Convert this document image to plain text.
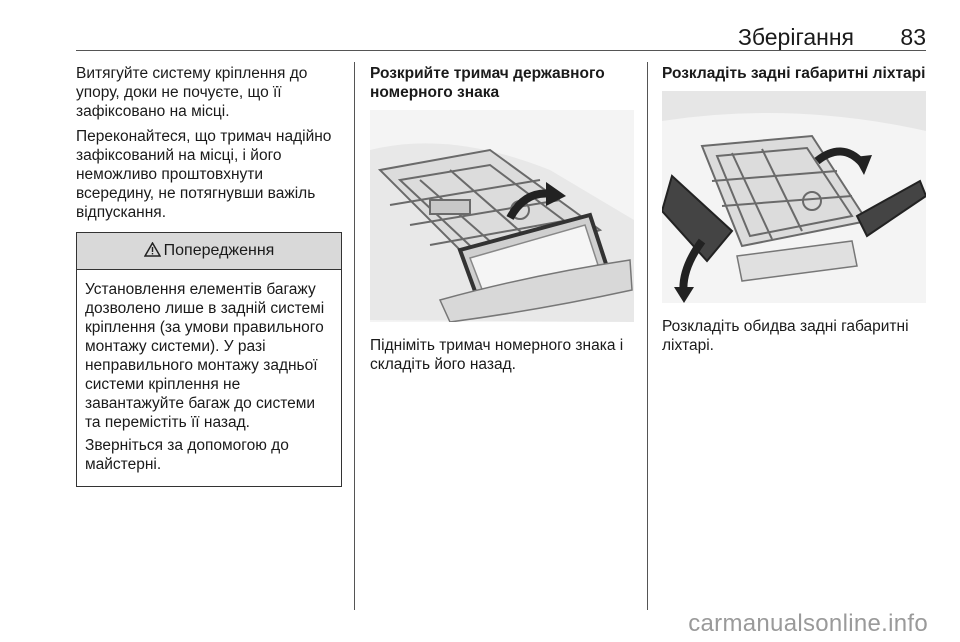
Зберігання 83

Витягуйте систему кріплення до упору, доки не почуєте, що її зафіксовано на місці.

Переконайтеся, що тримач надійно зафіксований на місці, і його неможливо проштовхнути всередину, не потягнувши важіль відпускання.

Попередження

Установлення елементів багажу дозволено лише в задній системі кріплення (за умови правильного монтажу системи). У разі неправильного монтажу задньої системи кріплення не завантажуйте багаж до системи та перемістіть її назад.

Зверніться за допомогою до майстерні.

Розкрийте тримач державного номерного знака

Підніміть тримач номерного знака і складіть його назад.

Розкладіть задні габаритні ліхтарі

Розкладіть обидва задні габаритні ліхтарі.

carmanualsonline.info
